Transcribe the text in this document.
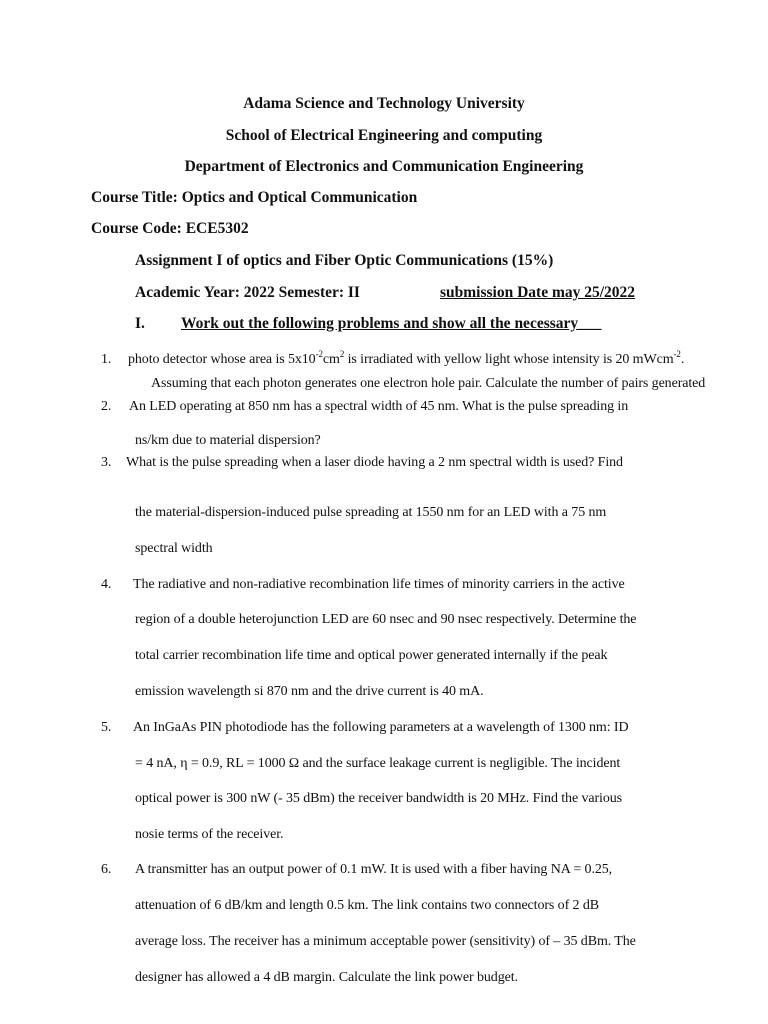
Adama Science and Technology University
School of Electrical Engineering and computing
Department of Electronics and Communication Engineering
Course Title: Optics and Optical Communication
Course Code: ECE5302
Assignment I of optics and Fiber Optic Communications (15%)
Academic Year: 2022 Semester: II	submission Date may 25/2022
I. Work out the following problems and show all the necessary___
1. photo detector whose area is $5x10^{-2}cm^2$ is irradiated with yellow light whose intensity is 20 mWcm$^{-2}$.
Assuming that each photon generates one electron hole pair. Calculate the number of pairs generated
2. An LED operating at 850 nm has a spectral width of 45 nm. What is the pulse spreading in
ns/km due to material dispersion?
3. What is the pulse spreading when a laser diode having a 2 nm spectral width is used? Find
the material-dispersion-induced pulse spreading at 1550 nm for an LED with a 75 nm
spectral width
4. The radiative and non-radiative recombination life times of minority carriers in the active
region of a double heterojunction LED are 60 nsec and 90 nsec respectively. Determine the
total carrier recombination life time and optical power generated internally if the peak
emission wavelength si 870 nm and the drive current is 40 mA.
5. An InGaAs PIN photodiode has the following parameters at a wavelength of 1300 nm: ID
= 4 nA, η = 0.9, RL = 1000 Ω and the surface leakage current is negligible. The incident
optical power is 300 nW (- 35 dBm) the receiver bandwidth is 20 MHz. Find the various
nosie terms of the receiver.
6. A transmitter has an output power of 0.1 mW. It is used with a fiber having NA = 0.25,
attenuation of 6 dB/km and length 0.5 km. The link contains two connectors of 2 dB
average loss. The receiver has a minimum acceptable power (sensitivity) of – 35 dBm. The
designer has allowed a 4 dB margin. Calculate the link power budget.
